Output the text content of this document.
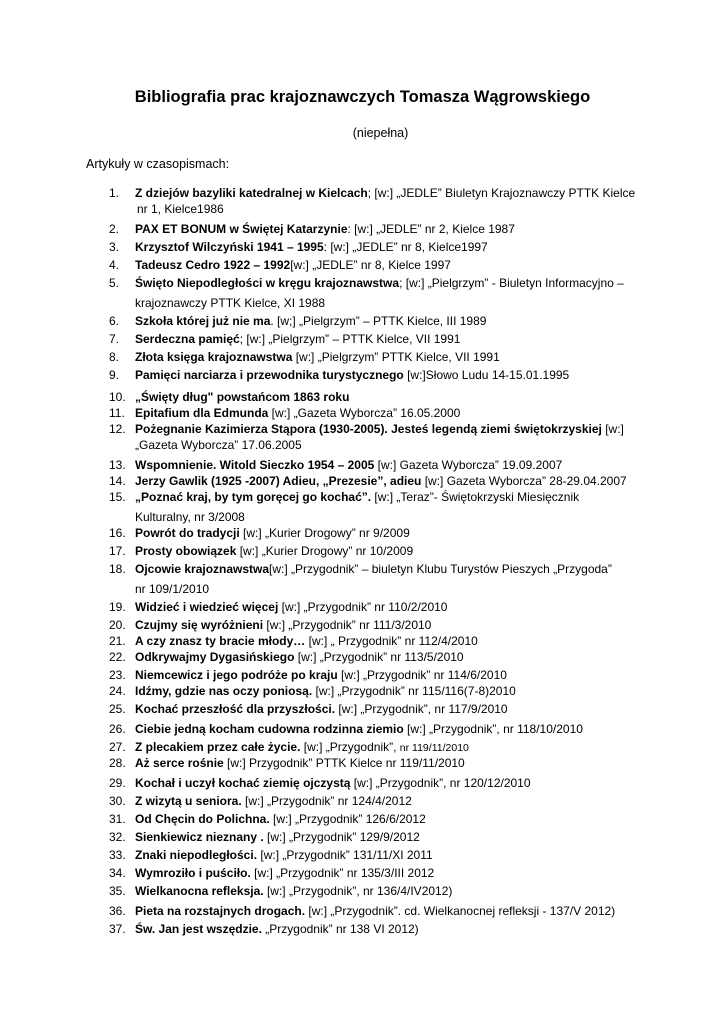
Bibliografia prac krajoznawczych Tomasza Wągrowskiego
(niepełna)
Artykuły w czasopismach:
1.	Z dziejów bazyliki katedralnej w Kielcach; [w:] „JEDLE” Biuletyn Krajoznawczy PTTK Kielce
nr 1, Kielce1986
2.	PAX ET BONUM w Świętej Katarzynie: [w:] „JEDLE” nr 2, Kielce 1987
3.	Krzysztof Wilczyński 1941 – 1995: [w:] „JEDLE” nr 8, Kielce1997
4.	Tadeusz Cedro 1922 – 1992[w:] „JEDLE” nr 8, Kielce 1997
5.	Święto Niepodległości w kręgu krajoznawstwa; [w:] „Pielgrzym” - Biuletyn Informacyjno –
krajoznawczy PTTK Kielce, XI 1988
6.	Szkoła której już nie ma. [w;] „Pielgrzym” – PTTK Kielce, III 1989
7.	Serdeczna pamięć; [w:] „Pielgrzym” – PTTK Kielce, VII 1991
8.	Złota księga krajoznawstwa [w:] „Pielgrzym” PTTK Kielce, VII 1991
9.	Pamięci narciarza i przewodnika turystycznego [w:]Słowo Ludu 14-15.01.1995
10. „Święty dług" powstańcom 1863 roku
11. Epitafium dla Edmunda [w:] „Gazeta Wyborcza” 16.05.2000
12. Pożegnanie Kazimierza Stąpora (1930-2005). Jesteś legendą ziemi świętokrzyskiej [w:]
„Gazeta Wyborcza” 17.06.2005
13. Wspomnienie. Witold Sieczko 1954 – 2005 [w:] Gazeta Wyborcza” 19.09.2007
14. Jerzy Gawlik (1925 -2007) Adieu, „Prezesie”, adieu [w:] Gazeta Wyborcza” 28-29.04.2007
15. „Poznać kraj, by tym goręcej go kochać”. [w:] „Teraz”- Świętokrzyski Miesięcznik
Kulturalny, nr 3/2008
16. Powrót do tradycji [w:] „Kurier Drogowy” nr 9/2009
17. Prosty obowiązek [w:] „Kurier Drogowy” nr 10/2009
18. Ojcowie krajoznawstwa[w:] „Przygodnik” – biuletyn Klubu Turystów Pieszych „Przygoda”
nr 109/1/2010
19. Widzieć i wiedzieć więcej [w:] „Przygodnik” nr 110/2/2010
20. Czujmy się wyróżnieni [w:] „Przygodnik” nr 111/3/2010
21. A czy znasz ty bracie młody… [w:] „ Przygodnik” nr 112/4/2010
22. Odkrywajmy Dygasińskiego [w:] „Przygodnik” nr 113/5/2010
23. Niemcewicz i jego podróże po kraju [w:] „Przygodnik” nr 114/6/2010
24. Idźmy, gdzie nas oczy poniosą. [w:] „Przygodnik” nr 115/116(7-8)2010
25. Kochać przeszłość dla przyszłości. [w:] „Przygodnik”, nr 117/9/2010
26. Ciebie jedną kocham cudowna rodzinna ziemio [w:] „Przygodnik”, nr 118/10/2010
27. Z plecakiem przez całe życie. [w:] „Przygodnik”, nr 119/11/2010
28. Aż serce rośnie [w:] Przygodnik” PTTK Kielce nr 119/11/2010
29. Kochał i uczył kochać ziemię ojczystą [w:] „Przygodnik”, nr 120/12/2010
30. Z wizytą u seniora. [w:] „Przygodnik” nr 124/4/2012
31. Od Chęcin do Polichna. [w:] „Przygodnik” 126/6/2012
32. Sienkiewicz nieznany . [w:] „Przygodnik” 129/9/2012
33. Znaki niepodległości. [w:] „Przygodnik” 131/11/XI 2011
34. Wymroziło i puściło. [w:] „Przygodnik” nr 135/3/III 2012
35. Wielkanocna refleksja. [w:] „Przygodnik”, nr 136/4/IV2012)
36. Pieta na rozstajnych drogach. [w:] „Przygodnik”. cd. Wielkanocnej refleksji - 137/V 2012)
37. Św. Jan jest wszędzie. „Przygodnik” nr 138 VI 2012)
